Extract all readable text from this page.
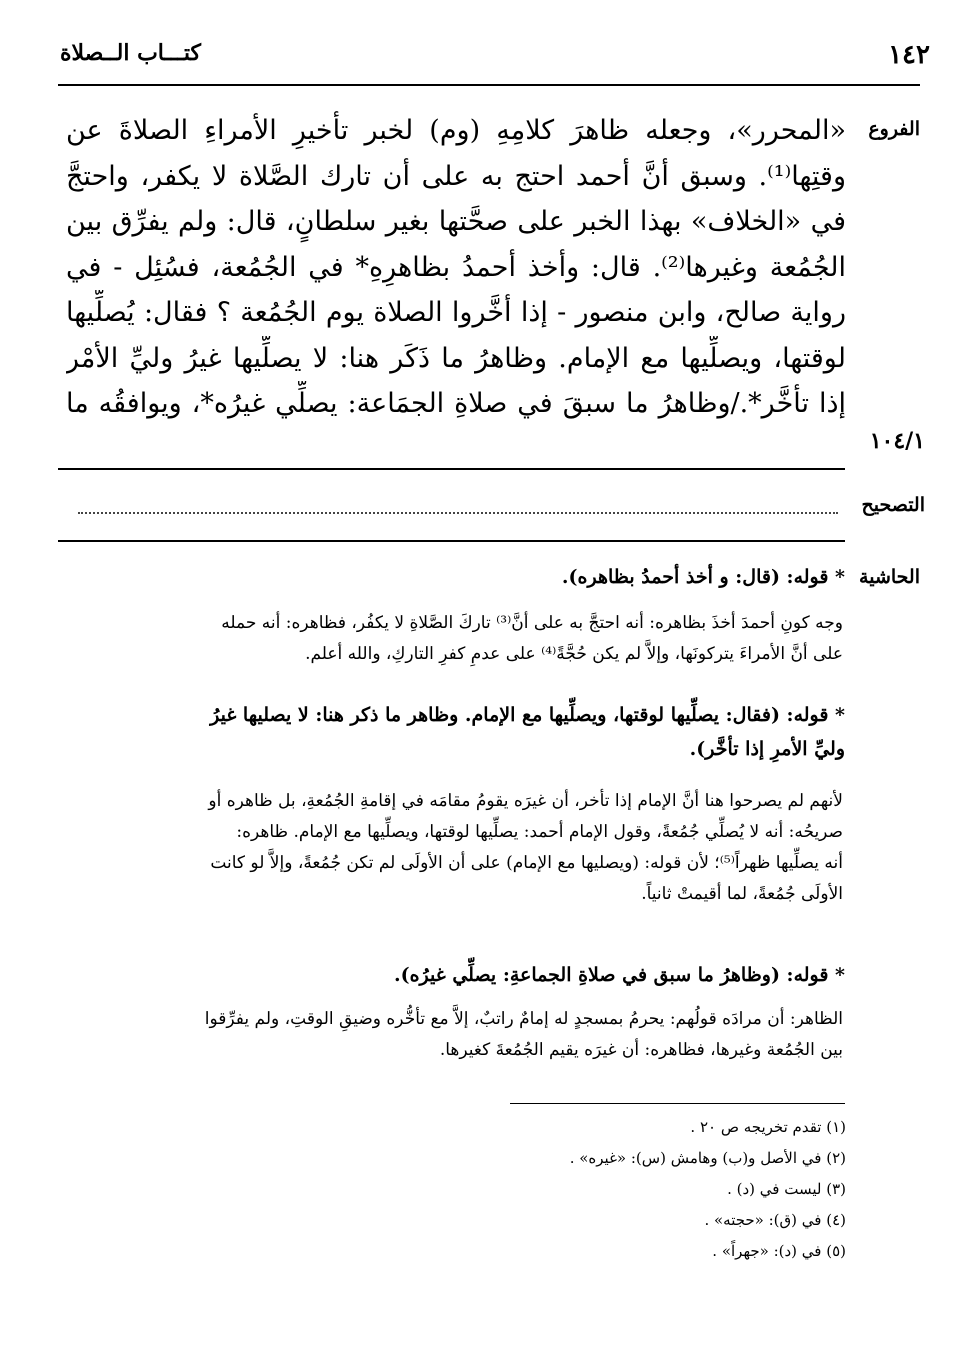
١٤٢
كتـــاب الــصلاة
الفروع
١٠٤/١
«المحرر»، وجعله ظاهرَ كلامِهِ (وم) لخبر تأخيرِ الأمراءِ الصلاةَ عن
وقتِها⁽¹⁾. وسبق أنَّ أحمد احتج به على أن تارك الصَّلاة لا يكفر، واحتجَّ
في «الخلاف» بهذا الخبر على صحَّتها بغير سلطانٍ، قال: ولم يفرِّق بين
الجُمُعة وغيرها⁽²⁾. قال: وأخذ أحمدُ بظاهرِهِ* في الجُمُعة، فسُئِل - في
رواية صالح، وابن منصور - إذا أخَّروا الصلاة يوم الجُمُعة ؟ فقال: يُصلِّيها
لوقتها، ويصلِّيها مع الإمام. وظاهرُ ما ذَكَر هنا: لا يصلِّيها غيرُ وليِّ الأمْر
إذا تأخَّر*./وظاهرُ ما سبقَ في صلاةِ الجمَاعة: يصلِّي غيرُه*، ويوافقُه ما
التصحيح
الحاشية
* قوله: (قال: و أخذ أحمدُ بظاهره).
وجه كونِ أحمدَ أخذَ بظاهره: أنه احتجَّ به على أنَّ⁽³⁾ تاركَ الصَّلاةِ لا يكفُر، فظاهره: أنه حمله
على أنَّ الأمراءَ يتركونَها، وإلاَّ لم يكن حُجَّةً⁽⁴⁾ على عدمِ كفرِ التاركِ، والله أعلم.
* قوله: (فقال: يصلِّيها لوقتها، ويصلِّيها مع الإمام. وظاهر ما ذكر هنا: لا يصليها غيرُ
وليِّ الأمرِ إذا تأخَّر).
لأنهم لم يصرحوا هنا أنَّ الإمام إذا تأخر، أن غيرَه يقومُ مقامَه في إقامةِ الجُمُعةِ، بل ظاهره أو
صريحُه: أنه لا يُصلِّي جُمُعةً، وقول الإمام أحمد: يصلِّيها لوقتها، ويصلِّيها مع الإمام. ظاهره:
أنه يصلِّيها ظهراً⁽⁵⁾؛ لأن قوله: (ويصليها مع الإمام) على أن الأولَى لم تكن جُمُعةً، وإلاَّ لو كانت
الأولَى جُمُعةً، لما أقيمتْ ثانياً.
* قوله: (وظاهرُ ما سبق في صلاةِ الجماعةِ: يصلِّي غيرُه).
الظاهر: أن مرادَه قولُهم: يحرمُ بمسجدٍ له إمامٌ راتبٌ، إلاَّ مع تأخُّره وضيقِ الوقتِ، ولم يفرِّقوا
بين الجُمُعة وغيرها، فظاهره: أن غيرَه يقيم الجُمُعةَ كغيرها.
(١) تقدم تخريجه ص ٢٠ .
(٢) في الأصل و(ب) وهامش (س): «غيره» .
(٣) ليست في (د) .
(٤) في (ق): «حجته» .
(٥) في (د): «جهراً» .
